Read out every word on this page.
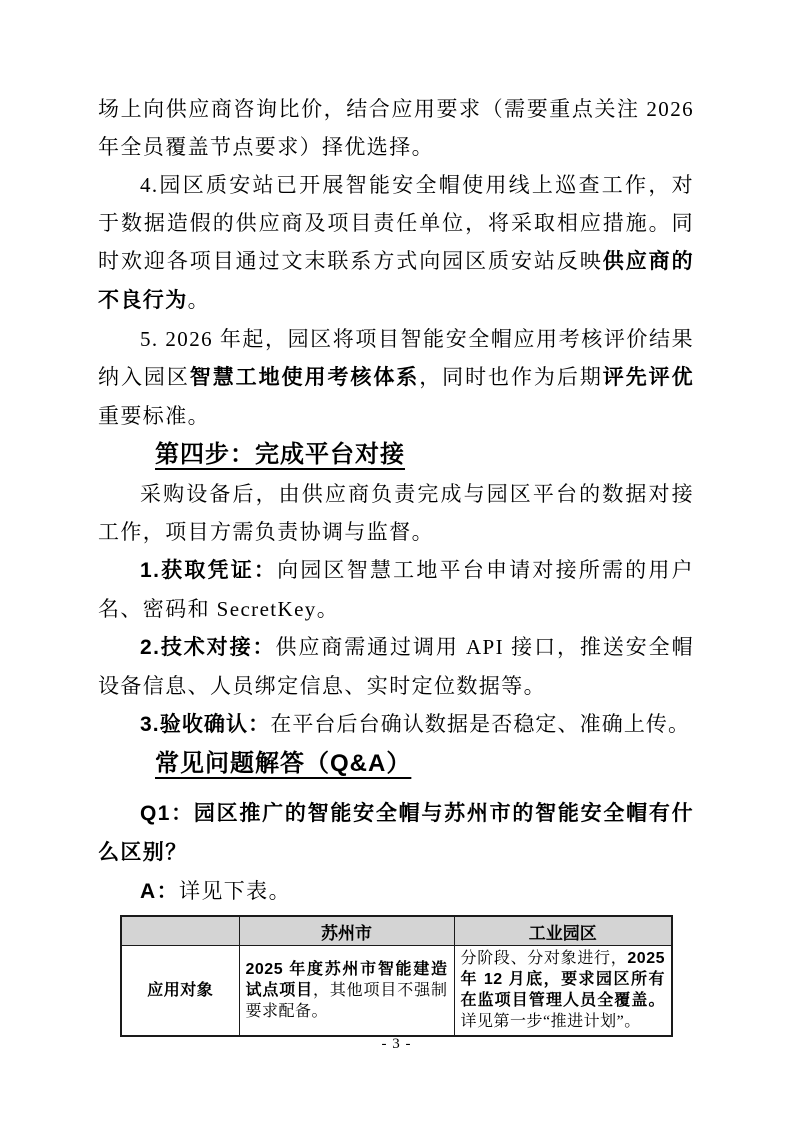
场上向供应商咨询比价，结合应用要求（需要重点关注 2026 年全员覆盖节点要求）择优选择。

4.园区质安站已开展智能安全帽使用线上巡查工作，对于数据造假的供应商及项目责任单位，将采取相应措施。同时欢迎各项目通过文末联系方式向园区质安站反映供应商的不良行为。

5. 2026 年起，园区将项目智能安全帽应用考核评价结果纳入园区智慧工地使用考核体系，同时也作为后期评先评优重要标准。

第四步：完成平台对接

采购设备后，由供应商负责完成与园区平台的数据对接工作，项目方需负责协调与监督。

1.获取凭证：向园区智慧工地平台申请对接所需的用户名、密码和 SecretKey。

2.技术对接：供应商需通过调用 API 接口，推送安全帽设备信息、人员绑定信息、实时定位数据等。

3.验收确认：在平台后台确认数据是否稳定、准确上传。

常见问题解答（Q&A）

Q1：园区推广的智能安全帽与苏州市的智能安全帽有什么区别？

A：详见下表。

	苏州市	工业园区
应用对象	2025 年度苏州市智能建造试点项目，其他项目不强制要求配备。	分阶段、分对象进行，2025 年 12 月底，要求园区所有在监项目管理人员全覆盖。详见第一步“推进计划”。
- 3 -
